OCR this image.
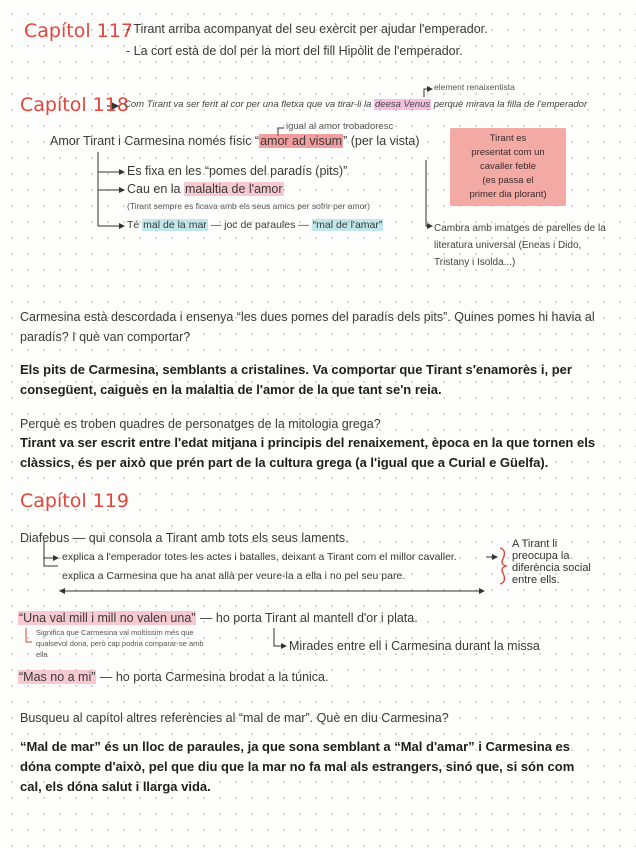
Capítol 117
- Tirant arriba acompanyat del seu exèrcit per ajudar l'emperador.
- La cort està de dol per la mort del fill Hipòlit de l'emperador.
element renaixentista
Capítol 118
Com Tirant va ser ferit al cor per una fletxa que va tirar-li la deesa Venus perquè mirava la filla de l'emperador
igual al amor trobadoresc
Amor Tirant i Carmesina només físic “amor ad visum” (per la vista)
Es fixa en les “pomes del paradís (pits)”
Cau en la malaltia de l'amor
(Tirant sempre es ficava amb els seus amics per sofrir per amor)
Té mal de la mar — joc de paraules — “mal de l'amar”
Tirant es
presentat com un
cavaller feble
(es passa el
primer dia plorant)
Cambra amb imatges de parelles de la
literatura universal (Eneas i Dido,
Tristany i Isolda...)
Carmesina està descordada i ensenya “les dues pomes del paradís dels pits”. Quines pomes hi havia al paradís? I què van comportar?
Els pits de Carmesina, semblants a cristalines. Va comportar que Tirant s'enamorès i, per consegüent, caiguès en la malaltia de l'amor de la que tant se'n reia.
Perquè es troben quadres de personatges de la mitologia grega?
Tirant va ser escrit entre l'edat mitjana i principis del renaixement, època en la que tornen els clàssics, és per això que prén part de la cultura grega (a l'igual que a Curial e Güelfa).
Capítol 119
Diafebus — qui consola a Tirant amb tots els seus laments.
explica a l'emperador totes les actes i batalles, deixant a Tirant com el millor cavaller.
explica a Carmesina que ha anat allà per veure-la a ella i no pel seu pare.
A Tirant li
preocupa la
diferència social
entre ells.
“Una val mill i mill no valen una” — ho porta Tirant al mantell d'or i plata.
Significa que Carmesina val moltíssim més que
qualsevol dona, però cap podria comparar-se amb
ella
Mirades entre ell i Carmesina durant la missa
“Mas no a mi” — ho porta Carmesina brodat a la túnica.
Busqueu al capítol altres referències al “mal de mar”. Què en diu Carmesina?
“Mal de mar” és un lloc de paraules, ja que sona semblant a “Mal d'amar” i Carmesina es dóna compte d'això, pel que diu que la mar no fa mal als estrangers, sinó que, si són com cal, els dóna salut i llarga vida.
